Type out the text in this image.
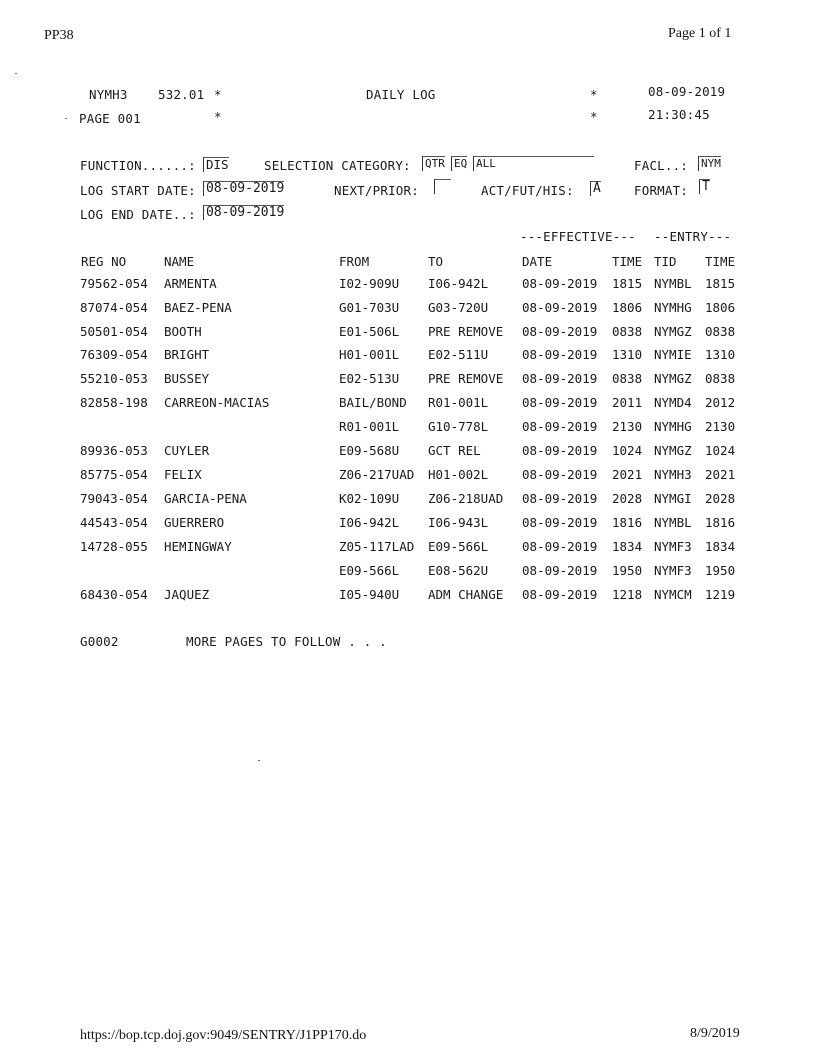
PP38	Page 1 of 1
NYMH3 532.01 *	DAILY LOG	*	08-09-2019
PAGE 001	*	*	21:30:45
FUNCTION......: DIS	SELECTION CATEGORY: QTR EQ ALL	FACL..: NYM
LOG START DATE: 08-09-2019	NEXT/PRIOR:	ACT/FUT/HIS: A	FORMAT: T
LOG END DATE..: 08-09-2019
---EFFECTIVE--- --ENTRY---
REG NO	NAME	FROM	TO	DATE	TIME TID TIME
79562-054 ARMENTA	I02-909U I06-942L	08-09-2019 1815 NYMBL 1815
87074-054 BAEZ-PENA	G01-703U G03-720U	08-09-2019 1806 NYMHG 1806
50501-054 BOOTH	E01-506L PRE REMOVE 08-09-2019 0838 NYMGZ 0838
76309-054 BRIGHT	H01-001L E02-511U	08-09-2019 1310 NYMIE 1310
55210-053 BUSSEY	E02-513U PRE REMOVE 08-09-2019 0838 NYMGZ 0838
82858-198 CARREON-MACIAS	BAIL/BOND R01-001L	08-09-2019 2011 NYMD4 2012
R01-001L G10-778L	08-09-2019 2130 NYMHG 2130
89936-053 CUYLER	E09-568U GCT REL	08-09-2019 1024 NYMGZ 1024
85775-054 FELIX	Z06-217UAD H01-002L	08-09-2019 2021 NYMH3 2021
79043-054 GARCIA-PENA	K02-109U Z06-218UAD 08-09-2019 2028 NYMGI 2028
44543-054 GUERRERO	I06-942L I06-943L	08-09-2019 1816 NYMBL 1816
14728-055 HEMINGWAY	Z05-117LAD E09-566L	08-09-2019 1834 NYMF3 1834
E09-566L E08-562U	08-09-2019 1950 NYMF3 1950
68430-054 JAQUEZ	I05-940U ADM CHANGE 08-09-2019 1218 NYMCM 1219
G0002	MORE PAGES TO FOLLOW . . .
https://bop.tcp.doj.gov:9049/SENTRY/J1PP170.do	8/9/2019
